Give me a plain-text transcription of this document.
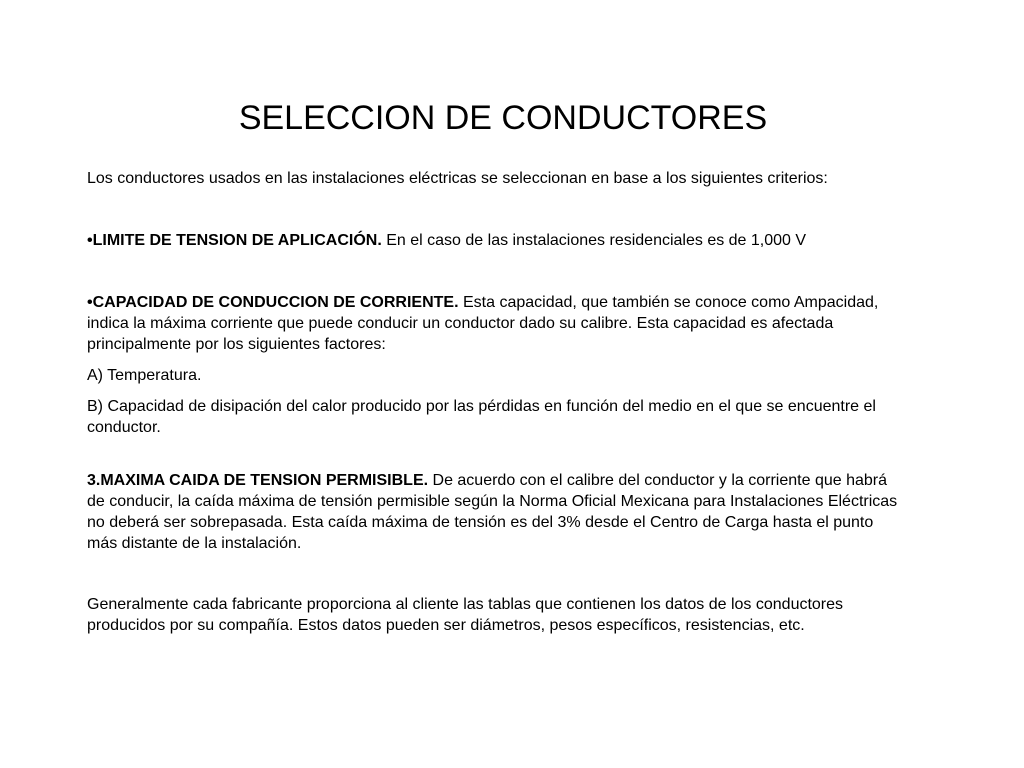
SELECCION DE CONDUCTORES

Los conductores usados en las instalaciones eléctricas se seleccionan en base a los siguientes criterios:

•LIMITE DE TENSION DE APLICACIÓN. En el caso de las instalaciones residenciales es de 1,000 V

•CAPACIDAD DE CONDUCCION DE CORRIENTE. Esta capacidad, que también se conoce como Ampacidad, indica la máxima corriente que puede conducir un conductor dado su calibre. Esta capacidad es afectada principalmente por los siguientes factores:

A) Temperatura.

B) Capacidad de disipación del calor producido por las pérdidas en función del medio en el que se encuentre el conductor.

3.MAXIMA CAIDA DE TENSION PERMISIBLE. De acuerdo con el calibre del conductor y la corriente que habrá de conducir, la caída máxima de tensión permisible según la Norma Oficial Mexicana para Instalaciones Eléctricas no deberá ser sobrepasada. Esta caída máxima de tensión es del 3% desde el Centro de Carga hasta el punto más distante de la instalación.

Generalmente cada fabricante proporciona al cliente las tablas que contienen los datos de los conductores producidos por su compañía. Estos datos pueden ser diámetros, pesos específicos, resistencias, etc.
